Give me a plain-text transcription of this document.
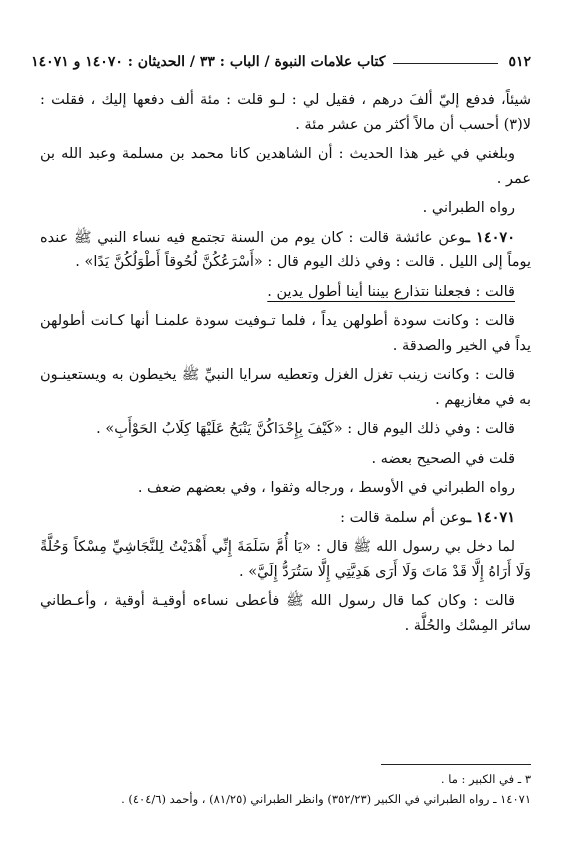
٥١٢
كتاب علامات النبوة / الباب : ٣٣ / الحديثان : ١٤٠٧٠ و ١٤٠٧١

شيئاً، فدفع إليّ ألفَ درهم ، فقيل لي : لـو قلت : مئة ألف دفعها إليك ، فقلت : لا(٣) أحسب أن مالاً أكثر من عشر مئة .

وبلغني في غير هذا الحديث : أن الشاهدين كانا محمد بن مسلمة وعبد الله بن عمر .

رواه الطبراني .

١٤٠٧٠ ـوعن عائشة قالت : كان يوم من السنة تجتمع فيه نساء النبي ﷺ عنده يوماً إلى الليل . قالت : وفي ذلك اليوم قال : «أَسْرَعُكُنَّ لُحُوقاً أَطْوَلُكُنَّ يَدًا» .

قالت : فجعلنا نتذارع بيننا أينا أطول يدين .

قالت : وكانت سودة أطولهن يداً ، فلما تـوفيت سودة علمنـا أنها كـانت أطولهن يداً في الخير والصدقة .

قالت : وكانت زينب تغزل الغزل وتعطيه سرايا النبيِّ ﷺ يخيطون به ويستعينـون به في مغازيهم .

قالت : وفي ذلك اليوم قال : «كَيْفَ بِإِحْدَاكُنَّ يَنْبَحُ عَلَيْهَا كِلَابُ الحَوْأَبِ» .

قلت في الصحيح بعضه .

رواه الطبراني في الأوسط ، ورجاله وثقوا ، وفي بعضهم ضعف .

١٤٠٧١ ـوعن أم سلمة قالت :

لما دخل بي رسول الله ﷺ قال : «يَا أُمَّ سَلَمَةَ إِنِّي أَهْدَيْتُ لِلنَّجَاشِيِّ مِسْكاً وَحُلَّةً وَلَا أَرَاهُ إِلَّا قَدْ مَاتَ وَلَا أَرَى هَدِيَّتِي إِلَّا سَتُرَدُّ إِلَيَّ» .

قالت : وكان كما قال رسول الله ﷺ فأعطى نساءه أوقيـة أوقية ، وأعـطاني سائر المِسْك والحُلَّة .

٣ ـ في الكبير : ما .

١٤٠٧١ ـ رواه الطبراني في الكبير (٣٥٢/٢٣) وانظر الطبراني (٨١/٢٥) ، وأحمد (٤٠٤/٦) .
